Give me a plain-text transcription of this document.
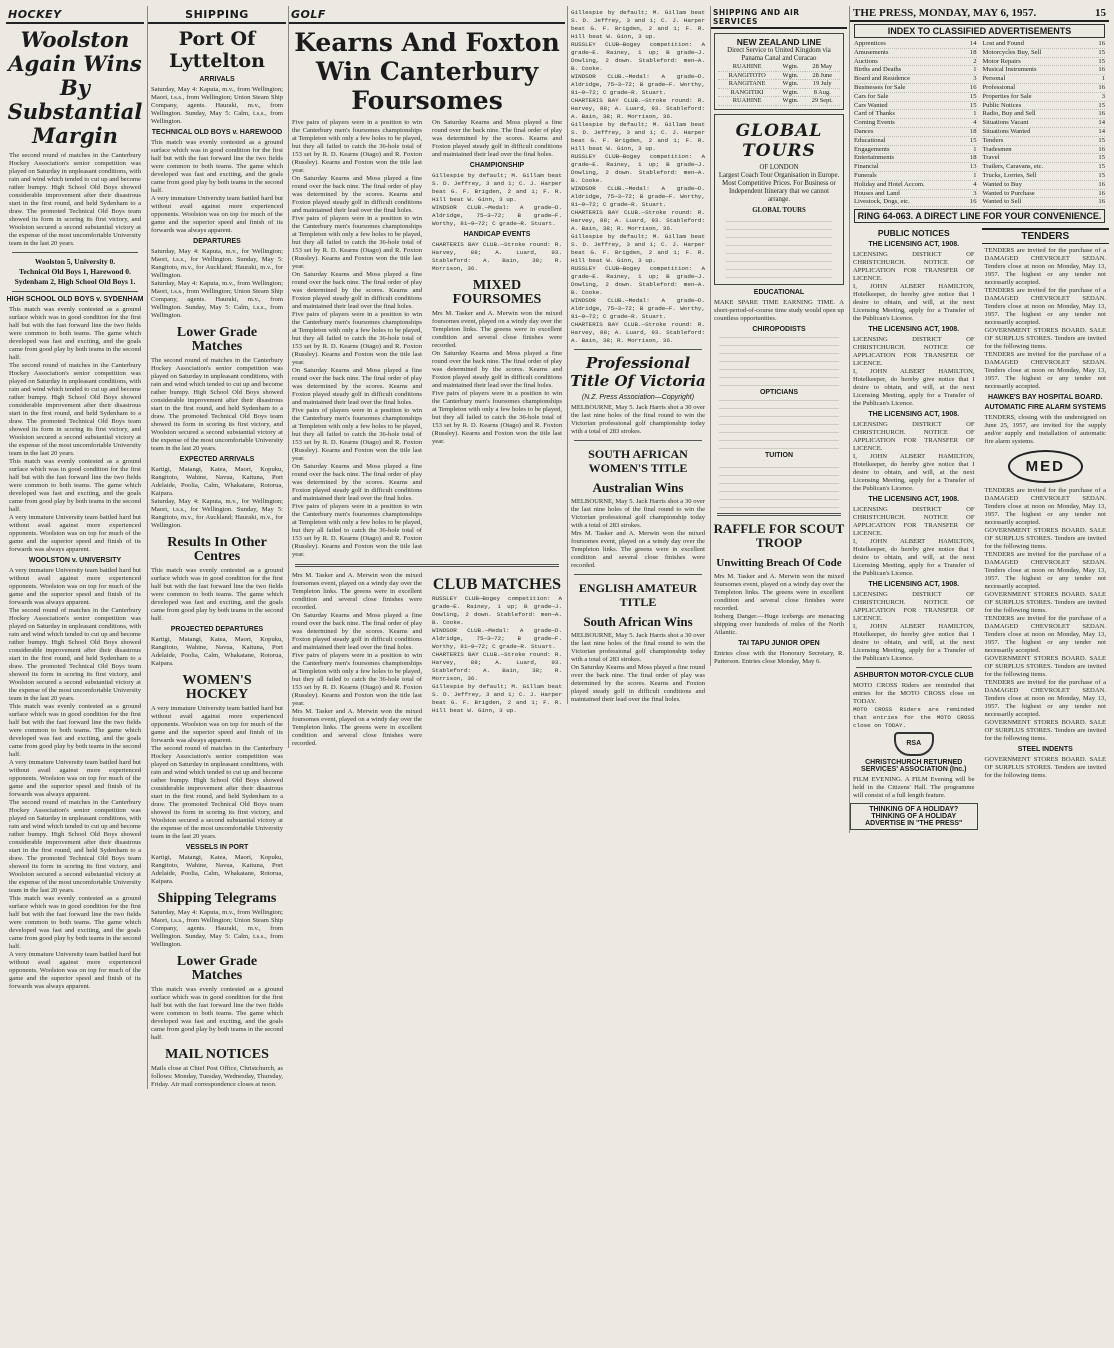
HOCKEY
Woolston Again Wins By Substantial Margin
The second round of matches in the Canterbury Hockey Association's senior competition was played on Saturday in unpleasant conditions, with rain and wind which tended to cut up and become rather bumpy. High School Old Boys showed considerable improvement after their disastrous start in the first round, and held Sydenham to a draw. The promoted Technical Old Boys team showed its form in scoring its first victory, and Woolston secured a second substantial victory at the expense of the most uncomfortable University team in the last 20 years.
Woolston 5, University 0.
Technical Old Boys 1, Harewood 0.
Sydenham 2, High School Old Boys 1.
HIGH SCHOOL OLD BOYS v. SYDENHAM
This match was evenly contested as a ground surface which was in good condition for the first half but with the fast forward line the two fields were common to both teams. The game which developed was fast and exciting, and the goals came from good play by both teams in the second half.
The second round of matches in the Canterbury Hockey Association's senior competition was played on Saturday in unpleasant conditions, with rain and wind which tended to cut up and become rather bumpy. High School Old Boys showed considerable improvement after their disastrous start in the first round, and held Sydenham to a draw. The promoted Technical Old Boys team showed its form in scoring its first victory, and Woolston secured a second substantial victory at the expense of the most uncomfortable University team in the last 20 years.
This match was evenly contested as a ground surface which was in good condition for the first half but with the fast forward line the two fields were common to both teams. The game which developed was fast and exciting, and the goals came from good play by both teams in the second half.
A very immature University team battled hard but without avail against more experienced opponents. Woolston was on top for much of the game and the superior speed and finish of its forwards was always apparent.
WOOLSTON v. UNIVERSITY
A very immature University team battled hard but without avail against more experienced opponents. Woolston was on top for much of the game and the superior speed and finish of its forwards was always apparent.
The second round of matches in the Canterbury Hockey Association's senior competition was played on Saturday in unpleasant conditions, with rain and wind which tended to cut up and become rather bumpy. High School Old Boys showed considerable improvement after their disastrous start in the first round, and held Sydenham to a draw. The promoted Technical Old Boys team showed its form in scoring its first victory, and Woolston secured a second substantial victory at the expense of the most uncomfortable University team in the last 20 years.
This match was evenly contested as a ground surface which was in good condition for the first half but with the fast forward line the two fields were common to both teams. The game which developed was fast and exciting, and the goals came from good play by both teams in the second half.
A very immature University team battled hard but without avail against more experienced opponents. Woolston was on top for much of the game and the superior speed and finish of its forwards was always apparent.
The second round of matches in the Canterbury Hockey Association's senior competition was played on Saturday in unpleasant conditions, with rain and wind which tended to cut up and become rather bumpy. High School Old Boys showed considerable improvement after their disastrous start in the first round, and held Sydenham to a draw. The promoted Technical Old Boys team showed its form in scoring its first victory, and Woolston secured a second substantial victory at the expense of the most uncomfortable University team in the last 20 years.
This match was evenly contested as a ground surface which was in good condition for the first half but with the fast forward line the two fields were common to both teams. The game which developed was fast and exciting, and the goals came from good play by both teams in the second half.
A very immature University team battled hard but without avail against more experienced opponents. Woolston was on top for much of the game and the superior speed and finish of its forwards was always apparent.
SHIPPING
Port Of Lyttelton
ARRIVALS
Saturday, May 4: Kaputa, m.v., from Wellington; Maori, t.s.s., from Wellington; Union Steam Ship Company, agents. Hauraki, m.v., from Wellington. Sunday, May 5: Calm, t.s.s., from Wellington.
TECHNICAL OLD BOYS v. HAREWOOD
This match was evenly contested as a ground surface which was in good condition for the first half but with the fast forward line the two fields were common to both teams. The game which developed was fast and exciting, and the goals came from good play by both teams in the second half.
A very immature University team battled hard but without avail against more experienced opponents. Woolston was on top for much of the game and the superior speed and finish of its forwards was always apparent.
DEPARTURES
Saturday, May 4: Kaputa, m.v., for Wellington; Maori, t.s.s., for Wellington. Sunday, May 5: Rangitoto, m.v., for Auckland; Hauraki, m.v., for Wellington.
Saturday, May 4: Kaputa, m.v., from Wellington; Maori, t.s.s., from Wellington; Union Steam Ship Company, agents. Hauraki, m.v., from Wellington. Sunday, May 5: Calm, t.s.s., from Wellington.
Lower Grade Matches
The second round of matches in the Canterbury Hockey Association's senior competition was played on Saturday in unpleasant conditions, with rain and wind which tended to cut up and become rather bumpy. High School Old Boys showed considerable improvement after their disastrous start in the first round, and held Sydenham to a draw. The promoted Technical Old Boys team showed its form in scoring its first victory, and Woolston secured a second substantial victory at the expense of the most uncomfortable University team in the last 20 years.
EXPECTED ARRIVALS
Kartigi, Matangi, Katea, Maori, Kopuku, Rangitoto, Wahine, Navua, Kaituna, Port Adelaide, Poolia, Calm, Whakatane, Rotorua, Kaipara.
Saturday, May 4: Kaputa, m.v., for Wellington; Maori, t.s.s., for Wellington. Sunday, May 5: Rangitoto, m.v., for Auckland; Hauraki, m.v., for Wellington.
Results In Other Centres
This match was evenly contested as a ground surface which was in good condition for the first half but with the fast forward line the two fields were common to both teams. The game which developed was fast and exciting, and the goals came from good play by both teams in the second half.
PROJECTED DEPARTURES
Kartigi, Matangi, Katea, Maori, Kopuku, Rangitoto, Wahine, Navua, Kaituna, Port Adelaide, Poolia, Calm, Whakatane, Rotorua, Kaipara.
WOMEN'S HOCKEY
A very immature University team battled hard but without avail against more experienced opponents. Woolston was on top for much of the game and the superior speed and finish of its forwards was always apparent.
The second round of matches in the Canterbury Hockey Association's senior competition was played on Saturday in unpleasant conditions, with rain and wind which tended to cut up and become rather bumpy. High School Old Boys showed considerable improvement after their disastrous start in the first round, and held Sydenham to a draw. The promoted Technical Old Boys team showed its form in scoring its first victory, and Woolston secured a second substantial victory at the expense of the most uncomfortable University team in the last 20 years.
VESSELS IN PORT
Kartigi, Matangi, Katea, Maori, Kopuku, Rangitoto, Wahine, Navua, Kaituna, Port Adelaide, Poolia, Calm, Whakatane, Rotorua, Kaipara.
Shipping Telegrams
Saturday, May 4: Kaputa, m.v., from Wellington; Maori, t.s.s., from Wellington; Union Steam Ship Company, agents. Hauraki, m.v., from Wellington. Sunday, May 5: Calm, t.s.s., from Wellington.
Lower Grade Matches
This match was evenly contested as a ground surface which was in good condition for the first half but with the fast forward line the two fields were common to both teams. The game which developed was fast and exciting, and the goals came from good play by both teams in the second half.
MAIL NOTICES
Mails close at Chief Post Office, Christchurch, as follows: Monday, Tuesday, Wednesday, Thursday, Friday. Air mail correspondence closes at noon.
GOLF
Kearns And Foxton Win Canterbury Foursomes
Five pairs of players were in a position to win the Canterbury men's foursomes championships at Templeton with only a few holes to be played, but they all failed to catch the 36-hole total of 153 set by R. D. Kearns (Otago) and R. Foxton (Russley). Kearns and Foxton won the title last year.
On Saturday Kearns and Moss played a fine round over the back nine. The final order of play was determined by the scores. Kearns and Foxton played steady golf in difficult conditions and maintained their lead over the final holes.
Five pairs of players were in a position to win the Canterbury men's foursomes championships at Templeton with only a few holes to be played, but they all failed to catch the 36-hole total of 153 set by R. D. Kearns (Otago) and R. Foxton (Russley). Kearns and Foxton won the title last year.
On Saturday Kearns and Moss played a fine round over the back nine. The final order of play was determined by the scores. Kearns and Foxton played steady golf in difficult conditions and maintained their lead over the final holes.
Five pairs of players were in a position to win the Canterbury men's foursomes championships at Templeton with only a few holes to be played, but they all failed to catch the 36-hole total of 153 set by R. D. Kearns (Otago) and R. Foxton (Russley). Kearns and Foxton won the title last year.
On Saturday Kearns and Moss played a fine round over the back nine. The final order of play was determined by the scores. Kearns and Foxton played steady golf in difficult conditions and maintained their lead over the final holes.
Five pairs of players were in a position to win the Canterbury men's foursomes championships at Templeton with only a few holes to be played, but they all failed to catch the 36-hole total of 153 set by R. D. Kearns (Otago) and R. Foxton (Russley). Kearns and Foxton won the title last year.
On Saturday Kearns and Moss played a fine round over the back nine. The final order of play was determined by the scores. Kearns and Foxton played steady golf in difficult conditions and maintained their lead over the final holes.
Five pairs of players were in a position to win the Canterbury men's foursomes championships at Templeton with only a few holes to be played, but they all failed to catch the 36-hole total of 153 set by R. D. Kearns (Otago) and R. Foxton (Russley). Kearns and Foxton won the title last year.
On Saturday Kearns and Moss played a fine round over the back nine. The final order of play was determined by the scores. Kearns and Foxton played steady golf in difficult conditions and maintained their lead over the final holes.
CHAMPIONSHIP
Gillespie by default; M. Gillam beat S. D. Jeffrey, 3 and 1; C. J. Harper beat G. F. Brigden, 2 and 1; F. R. Hill beat W. Ginn, 3 up.
WINDSOR CLUB.—Medal: A grade—D. Aldridge, 75—3—72; B grade—F. Worthy, 81—9—72; C grade—R. Stuart.
HANDICAP EVENTS
CHARTERIS BAY CLUB.—Stroke round: R. Harvey, 88; A. Luard, 93. Stableford: A. Bain, 38; R. Morrison, 36.
MIXED FOURSOMES
Mrs M. Tasker and A. Merwin won the mixed foursomes event, played on a windy day over the Templeton links. The greens were in excellent condition and several close finishes were recorded.
On Saturday Kearns and Moss played a fine round over the back nine. The final order of play was determined by the scores. Kearns and Foxton played steady golf in difficult conditions and maintained their lead over the final holes.
Five pairs of players were in a position to win the Canterbury men's foursomes championships at Templeton with only a few holes to be played, but they all failed to catch the 36-hole total of 153 set by R. D. Kearns (Otago) and R. Foxton (Russley). Kearns and Foxton won the title last year.
Mrs M. Tasker and A. Merwin won the mixed foursomes event, played on a windy day over the Templeton links. The greens were in excellent condition and several close finishes were recorded.
On Saturday Kearns and Moss played a fine round over the back nine. The final order of play was determined by the scores. Kearns and Foxton played steady golf in difficult conditions and maintained their lead over the final holes.
Five pairs of players were in a position to win the Canterbury men's foursomes championships at Templeton with only a few holes to be played, but they all failed to catch the 36-hole total of 153 set by R. D. Kearns (Otago) and R. Foxton (Russley). Kearns and Foxton won the title last year.
Mrs M. Tasker and A. Merwin won the mixed foursomes event, played on a windy day over the Templeton links. The greens were in excellent condition and several close finishes were recorded.
CLUB MATCHES
RUSSLEY CLUB—Bogey competition: A grade—E. Rainey, 1 up; B grade—J. Dowling, 2 down. Stableford: men—A. B. Cooke.
WINDSOR CLUB.—Medal: A grade—D. Aldridge, 75—3—72; B grade—F. Worthy, 81—9—72; C grade—R. Stuart.
CHARTERIS BAY CLUB.—Stroke round: R. Harvey, 88; A. Luard, 93. Stableford: A. Bain, 38; R. Morrison, 36.
Gillespie by default; M. Gillam beat S. D. Jeffrey, 3 and 1; C. J. Harper beat G. F. Brigden, 2 and 1; F. R. Hill beat W. Ginn, 3 up.
Gillespie by default; M. Gillam beat S. D. Jeffrey, 3 and 1; C. J. Harper beat G. F. Brigden, 2 and 1; F. R. Hill beat W. Ginn, 3 up.
RUSSLEY CLUB—Bogey competition: A grade—E. Rainey, 1 up; B grade—J. Dowling, 2 down. Stableford: men—A. B. Cooke.
WINDSOR CLUB.—Medal: A grade—D. Aldridge, 75—3—72; B grade—F. Worthy, 81—9—72; C grade—R. Stuart.
CHARTERIS BAY CLUB.—Stroke round: R. Harvey, 88; A. Luard, 93. Stableford: A. Bain, 38; R. Morrison, 36.
Gillespie by default; M. Gillam beat S. D. Jeffrey, 3 and 1; C. J. Harper beat G. F. Brigden, 2 and 1; F. R. Hill beat W. Ginn, 3 up.
RUSSLEY CLUB—Bogey competition: A grade—E. Rainey, 1 up; B grade—J. Dowling, 2 down. Stableford: men—A. B. Cooke.
WINDSOR CLUB.—Medal: A grade—D. Aldridge, 75—3—72; B grade—F. Worthy, 81—9—72; C grade—R. Stuart.
CHARTERIS BAY CLUB.—Stroke round: R. Harvey, 88; A. Luard, 93. Stableford: A. Bain, 38; R. Morrison, 36.
Gillespie by default; M. Gillam beat S. D. Jeffrey, 3 and 1; C. J. Harper beat G. F. Brigden, 2 and 1; F. R. Hill beat W. Ginn, 3 up.
RUSSLEY CLUB—Bogey competition: A grade—E. Rainey, 1 up; B grade—J. Dowling, 2 down. Stableford: men—A. B. Cooke.
WINDSOR CLUB.—Medal: A grade—D. Aldridge, 75—3—72; B grade—F. Worthy, 81—9—72; C grade—R. Stuart.
CHARTERIS BAY CLUB.—Stroke round: R. Harvey, 88; A. Luard, 93. Stableford: A. Bain, 38; R. Morrison, 36.
Professional Title Of Victoria
(N.Z. Press Association—Copyright)
MELBOURNE, May 5. Jack Harris shot a 30 over the last nine holes of the final round to win the Victorian professional golf championship today with a total of 283 strokes.
SOUTH AFRICAN WOMEN'S TITLE
Australian Wins
MELBOURNE, May 5. Jack Harris shot a 30 over the last nine holes of the final round to win the Victorian professional golf championship today with a total of 283 strokes.
Mrs M. Tasker and A. Merwin won the mixed foursomes event, played on a windy day over the Templeton links. The greens were in excellent condition and several close finishes were recorded.
ENGLISH AMATEUR TITLE
South African Wins
MELBOURNE, May 5. Jack Harris shot a 30 over the last nine holes of the final round to win the Victorian professional golf championship today with a total of 283 strokes.
On Saturday Kearns and Moss played a fine round over the back nine. The final order of play was determined by the scores. Kearns and Foxton played steady golf in difficult conditions and maintained their lead over the final holes.
SHIPPING AND AIR SERVICES
NEW ZEALAND LINE
Direct Service to United Kingdom via Panama Canal and Curacao
RUAHINE	Wgtn.	28 May
RANGITOTO	Wgtn.	28 June
RANGITANE	Wgtn.	19 July
RANGITIKI	Wgtn.	8 Aug.
RUAHINE	Wgtn.	29 Sept.
GLOBAL TOURS
OF LONDON
Largest Coach Tour Organisation in Europe. Most Competitive Prices. For Business or Independent Itinerary that we cannot arrange.
GLOBAL TOURS
EDUCATIONAL
MAKE SPARE TIME EARNING TIME. A short-period-of-course time study would open up countless opportunities.
CHIROPODISTS
OPTICIANS
TUITION
RAFFLE FOR SCOUT TROOP
Unwitting Breach Of Code
Mrs M. Tasker and A. Merwin won the mixed foursomes event, played on a windy day over the Templeton links. The greens were in excellent condition and several close finishes were recorded.
Iceberg Danger.—Huge icebergs are menacing shipping over hundreds of miles of the North Atlantic.
TAI TAPU JUNIOR OPEN
Entries close with the Honorary Secretary, R. Patterson. Entries close Monday, May 6.
THE PRESS, MONDAY, MAY 6, 1957.	15
INDEX TO CLASSIFIED ADVERTISEMENTS
Apprentices	14
Amusements	18
Auctions	2
Births and Deaths	1
Board and Residence	3
Businesses for Sale	16
Cars for Sale	15
Cars Wanted	15
Card of Thanks	1
Coming Events	4
Dances	18
Educational	15
Engagements	1
Entertainments	18
Financial	13
Funerals	1
Holiday and Hotel Accom.	4
Houses and Land	3
Livestock, Dogs, etc.	16
Lost and Found	16
Motorcycles Buy, Sell	15
Motor Repairs	15
Musical Instruments	16
Personal	1
Professional	16
Properties for Sale	3
Public Notices	15
Radio, Buy and Sell	16
Situations Vacant	14
Situations Wanted	14
Tenders	15
Tradesmen	16
Travel	15
Trailers, Caravans, etc.	15
Trucks, Lorries, Sell	15
Wanted to Buy	16
Wanted to Purchase	16
Wanted to Sell	16
RING 64-063. A DIRECT LINE FOR YOUR CONVENIENCE.
PUBLIC NOTICES
THE LICENSING ACT, 1908.
LICENSING DISTRICT OF CHRISTCHURCH. NOTICE OF APPLICATION FOR TRANSFER OF LICENCE.
I, JOHN ALBERT HAMILTON, Hotelkeeper, do hereby give notice that I desire to obtain, and will, at the next Licensing Meeting, apply for a Transfer of the Publican's Licence.
THE LICENSING ACT, 1908.
LICENSING DISTRICT OF CHRISTCHURCH. NOTICE OF APPLICATION FOR TRANSFER OF LICENCE.
I, JOHN ALBERT HAMILTON, Hotelkeeper, do hereby give notice that I desire to obtain, and will, at the next Licensing Meeting, apply for a Transfer of the Publican's Licence.
THE LICENSING ACT, 1908.
LICENSING DISTRICT OF CHRISTCHURCH. NOTICE OF APPLICATION FOR TRANSFER OF LICENCE.
I, JOHN ALBERT HAMILTON, Hotelkeeper, do hereby give notice that I desire to obtain, and will, at the next Licensing Meeting, apply for a Transfer of the Publican's Licence.
THE LICENSING ACT, 1908.
LICENSING DISTRICT OF CHRISTCHURCH. NOTICE OF APPLICATION FOR TRANSFER OF LICENCE.
I, JOHN ALBERT HAMILTON, Hotelkeeper, do hereby give notice that I desire to obtain, and will, at the next Licensing Meeting, apply for a Transfer of the Publican's Licence.
THE LICENSING ACT, 1908.
LICENSING DISTRICT OF CHRISTCHURCH. NOTICE OF APPLICATION FOR TRANSFER OF LICENCE.
I, JOHN ALBERT HAMILTON, Hotelkeeper, do hereby give notice that I desire to obtain, and will, at the next Licensing Meeting, apply for a Transfer of the Publican's Licence.
ASHBURTON MOTOR-CYCLE CLUB
MOTO CROSS Riders are reminded that entries for the MOTO CROSS close on TODAY.
MOTO CROSS Riders are reminded that entries for the MOTO CROSS close on TODAY.
RSA
CHRISTCHURCH RETURNED SERVICES' ASSOCIATION (Inc.)
FILM EVENING. A FILM Evening will be held in the Citizens' Hall. The programme will consist of a full length feature.
THINKING OF A HOLIDAY? THINKING OF A HOLIDAY ADVERTISE IN "THE PRESS"
TENDERS
TENDERS are invited for the purchase of a DAMAGED CHEVROLET SEDAN. Tenders close at noon on Monday, May 13, 1957. The highest or any tender not necessarily accepted.
TENDERS are invited for the purchase of a DAMAGED CHEVROLET SEDAN. Tenders close at noon on Monday, May 13, 1957. The highest or any tender not necessarily accepted.
GOVERNMENT STORES BOARD. SALE OF SURPLUS STORES. Tenders are invited for the following items.
TENDERS are invited for the purchase of a DAMAGED CHEVROLET SEDAN. Tenders close at noon on Monday, May 13, 1957. The highest or any tender not necessarily accepted.
HAWKE'S BAY HOSPITAL BOARD.
AUTOMATIC FIRE ALARM SYSTEMS
TENDERS, closing with the undersigned on June 25, 1957, are invited for the supply and/or supply and installation of automatic fire alarm systems.
MED
TENDERS are invited for the purchase of a DAMAGED CHEVROLET SEDAN. Tenders close at noon on Monday, May 13, 1957. The highest or any tender not necessarily accepted.
GOVERNMENT STORES BOARD. SALE OF SURPLUS STORES. Tenders are invited for the following items.
TENDERS are invited for the purchase of a DAMAGED CHEVROLET SEDAN. Tenders close at noon on Monday, May 13, 1957. The highest or any tender not necessarily accepted.
GOVERNMENT STORES BOARD. SALE OF SURPLUS STORES. Tenders are invited for the following items.
TENDERS are invited for the purchase of a DAMAGED CHEVROLET SEDAN. Tenders close at noon on Monday, May 13, 1957. The highest or any tender not necessarily accepted.
GOVERNMENT STORES BOARD. SALE OF SURPLUS STORES. Tenders are invited for the following items.
TENDERS are invited for the purchase of a DAMAGED CHEVROLET SEDAN. Tenders close at noon on Monday, May 13, 1957. The highest or any tender not necessarily accepted.
GOVERNMENT STORES BOARD. SALE OF SURPLUS STORES. Tenders are invited for the following items.
STEEL INDENTS
GOVERNMENT STORES BOARD. SALE OF SURPLUS STORES. Tenders are invited for the following items.
